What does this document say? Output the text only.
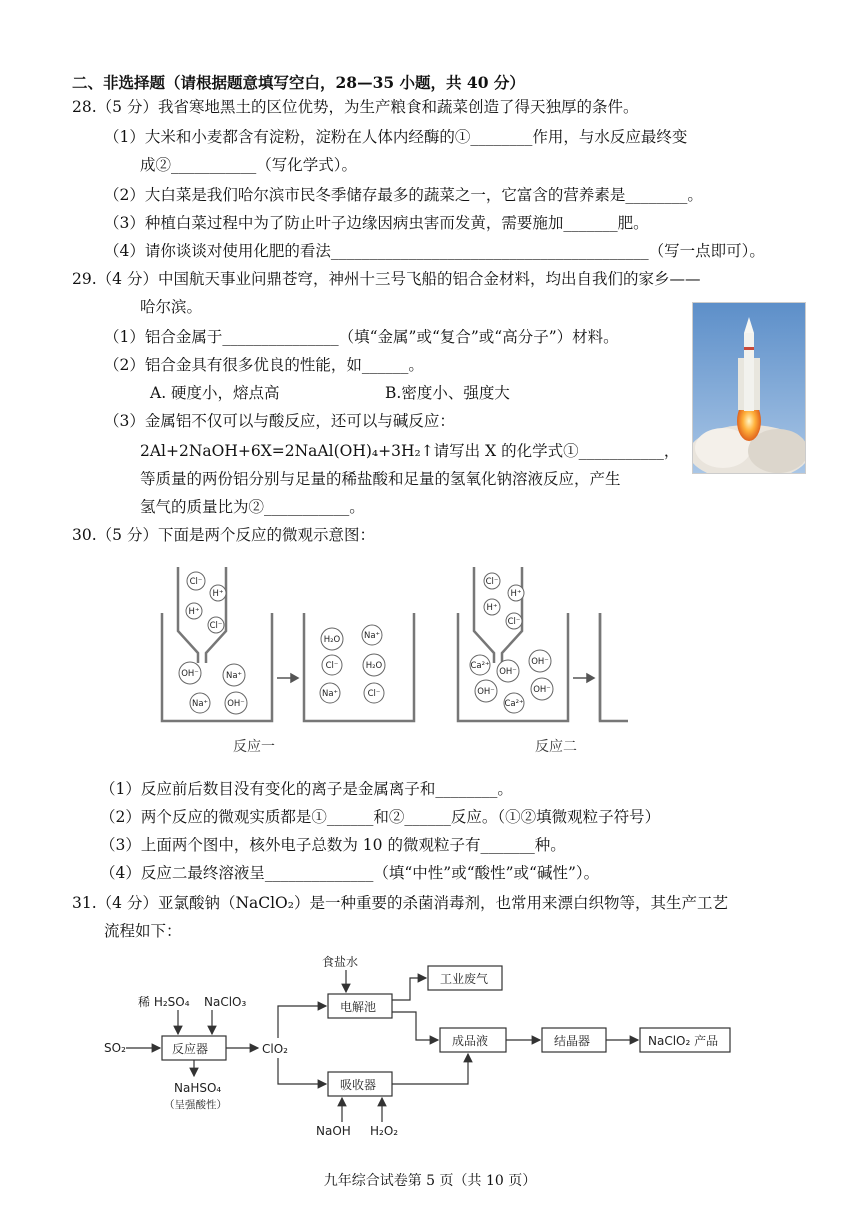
二、非选择题（请根据题意填写空白，28—35 小题，共 40 分）
28.（5 分）我省寒地黑土的区位优势，为生产粮食和蔬菜创造了得天独厚的条件。
（1）大米和小麦都含有淀粉，淀粉在人体内经酶的①________作用，与水反应最终变
成②___________（写化学式）。
（2）大白菜是我们哈尔滨市民冬季储存最多的蔬菜之一，它富含的营养素是________。
（3）种植白菜过程中为了防止叶子边缘因病虫害而发黄，需要施加_______肥。
（4）请你谈谈对使用化肥的看法_________________________________________（写一点即可）。
29.（4 分）中国航天事业问鼎苍穹，神州十三号飞船的铝合金材料，均出自我们的家乡——
哈尔滨。
（1）铝合金属于_______________（填“金属”或“复合”或“高分子”）材料。
（2）铝合金具有很多优良的性能，如______。
A. 硬度小，熔点高	B.密度小、强度大
（3）金属铝不仅可以与酸反应，还可以与碱反应：
2Al+2NaOH+6X=2NaAl(OH)₄+3H₂↑请写出 X 的化学式①___________，
等质量的两份铝分别与足量的稀盐酸和足量的氢氧化钠溶液反应，产生
氢气的质量比为②___________。
30.（5 分）下面是两个反应的微观示意图：
Cl⁻
H⁺
H⁺
Cl⁻
OH⁻	Na⁺
Na⁺ OH⁻
H₂O	Na⁺
Cl⁻	H₂O
Na⁺	Cl⁻
Cl⁻
H⁺
H⁺
Cl⁻
Ca²⁺
OH⁻
OH⁻
OH⁻
Ca²⁺
OH⁻
反应一	反应二
（1）反应前后数目没有变化的离子是金属离子和________。
（2）两个反应的微观实质都是①______和②______反应。（①②填微观粒子符号）
（3）上面两个图中，核外电子总数为 10 的微观粒子有_______种。
（4）反应二最终溶液呈______________（填“中性”或“酸性”或“碱性”）。
31.（4 分）亚氯酸钠（NaClO₂）是一种重要的杀菌消毒剂，也常用来漂白织物等，其生产工艺
流程如下：
食盐水
工业废气
稀 H₂SO₄ NaClO₃
SO₂	反应器	ClO₂
电解池
成品液	结晶器	NaClO₂ 产品
吸收器
NaHSO₄
（呈强酸性）
NaOH H₂O₂
九年综合试卷第 5 页（共 10 页）
